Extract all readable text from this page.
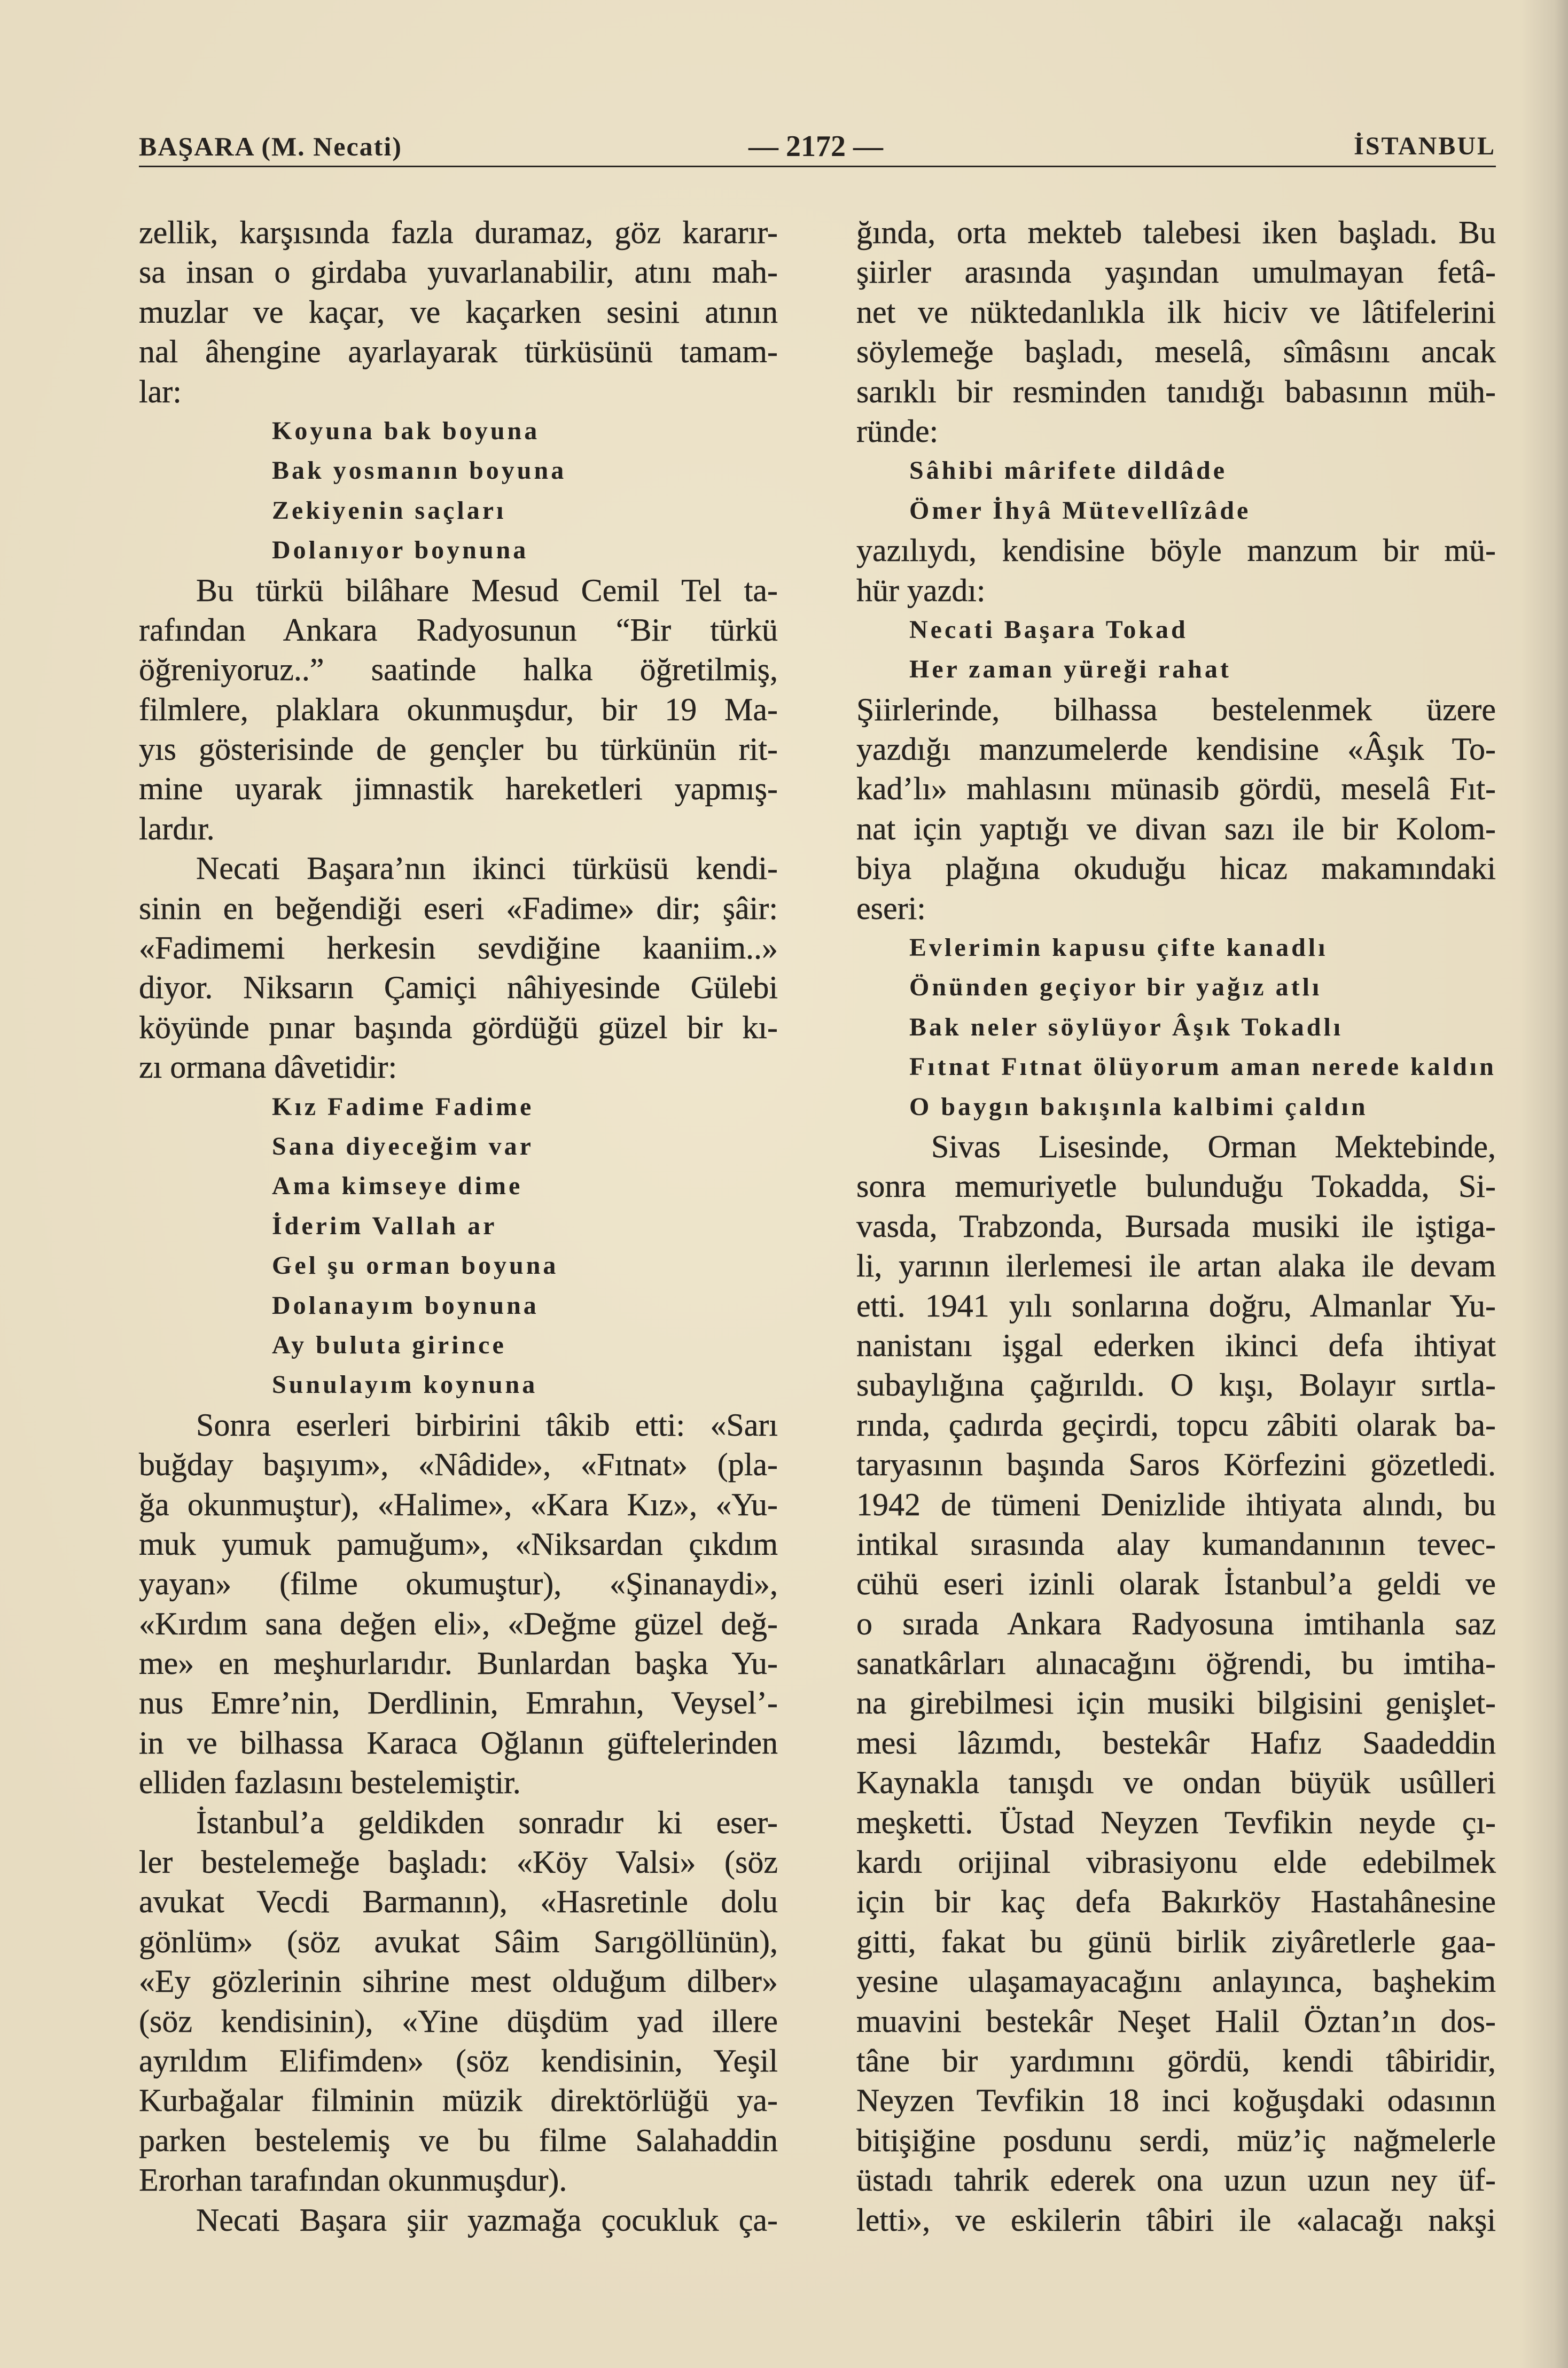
BAŞARA (M. Necati)	— 2172 —	İSTANBUL
zellik, karşısında fazla duramaz, göz kararır-
sa insan o girdaba yuvarlanabilir, atını mah-
muzlar ve kaçar, ve kaçarken sesini atının
nal âhengine ayarlayarak türküsünü tamam-
lar:
Koyuna bak boyuna
Bak yosmanın boyuna
Zekiyenin saçları
Dolanıyor boynuna
Bu türkü bilâhare Mesud Cemil Tel ta-
rafından Ankara Radyosunun “Bir türkü
öğreniyoruz..” saatinde halka öğretilmiş,
filmlere, plaklara okunmuşdur, bir 19 Ma-
yıs gösterisinde de gençler bu türkünün rit-
mine uyarak jimnastik hareketleri yapmış-
lardır.
Necati Başara’nın ikinci türküsü kendi-
sinin en beğendiği eseri «Fadime» dir; şâir:
«Fadimemi herkesin sevdiğine kaaniim..»
diyor. Niksarın Çamiçi nâhiyesinde Gülebi
köyünde pınar başında gördüğü güzel bir kı-
zı ormana dâvetidir:
Kız Fadime Fadime
Sana diyeceğim var
Ama kimseye dime
İderim Vallah ar
Gel şu orman boyuna
Dolanayım boynuna
Ay buluta girince
Sunulayım koynuna
Sonra eserleri birbirini tâkib etti: «Sarı
buğday başıyım», «Nâdide», «Fıtnat» (pla-
ğa okunmuştur), «Halime», «Kara Kız», «Yu-
muk yumuk pamuğum», «Niksardan çıkdım
yayan» (filme okumuştur), «Şinanaydi»,
«Kırdım sana değen eli», «Değme güzel değ-
me» en meşhurlarıdır. Bunlardan başka Yu-
nus Emre’nin, Derdlinin, Emrahın, Veysel’-
in ve bilhassa Karaca Oğlanın güftelerinden
elliden fazlasını bestelemiştir.
İstanbul’a geldikden sonradır ki eser-
ler bestelemeğe başladı: «Köy Valsi» (söz
avukat Vecdi Barmanın), «Hasretinle dolu
gönlüm» (söz avukat Sâim Sarıgöllünün),
«Ey gözlerinin sihrine mest olduğum dilber»
(söz kendisinin), «Yine düşdüm yad illere
ayrıldım Elifimden» (söz kendisinin, Yeşil
Kurbağalar filminin müzik direktörlüğü ya-
parken bestelemiş ve bu filme Salahaddin
Erorhan tarafından okunmuşdur).
Necati Başara şiir yazmağa çocukluk ça-
ğında, orta mekteb talebesi iken başladı. Bu
şiirler arasında yaşından umulmayan fetâ-
net ve nüktedanlıkla ilk hiciv ve lâtifelerini
söylemeğe başladı, meselâ, sîmâsını ancak
sarıklı bir resminden tanıdığı babasının müh-
ründe:
Sâhibi mârifete dildâde
Ömer İhyâ Mütevellîzâde
yazılıydı, kendisine böyle manzum bir mü-
hür yazdı:
Necati Başara Tokad
Her zaman yüreği rahat
Şiirlerinde, bilhassa bestelenmek üzere
yazdığı manzumelerde kendisine «Âşık To-
kad’lı» mahlasını münasib gördü, meselâ Fıt-
nat için yaptığı ve divan sazı ile bir Kolom-
biya plağına okuduğu hicaz makamındaki
eseri:
Evlerimin kapusu çifte kanadlı
Önünden geçiyor bir yağız atlı
Bak neler söylüyor Âşık Tokadlı
Fıtnat Fıtnat ölüyorum aman nerede kaldın
O baygın bakışınla kalbimi çaldın
Sivas Lisesinde, Orman Mektebinde,
sonra memuriyetle bulunduğu Tokadda, Si-
vasda, Trabzonda, Bursada musiki ile iştiga-
li, yarının ilerlemesi ile artan alaka ile devam
etti. 1941 yılı sonlarına doğru, Almanlar Yu-
nanistanı işgal ederken ikinci defa ihtiyat
subaylığına çağırıldı. O kışı, Bolayır sırtla-
rında, çadırda geçirdi, topcu zâbiti olarak ba-
taryasının başında Saros Körfezini gözetledi.
1942 de tümeni Denizlide ihtiyata alındı, bu
intikal sırasında alay kumandanının tevec-
cühü eseri izinli olarak İstanbul’a geldi ve
o sırada Ankara Radyosuna imtihanla saz
sanatkârları alınacağını öğrendi, bu imtiha-
na girebilmesi için musiki bilgisini genişlet-
mesi lâzımdı, bestekâr Hafız Saadeddin
Kaynakla tanışdı ve ondan büyük usûlleri
meşketti. Üstad Neyzen Tevfikin neyde çı-
kardı orijinal vibrasiyonu elde edebilmek
için bir kaç defa Bakırköy Hastahânesine
gitti, fakat bu günü birlik ziyâretlerle gaa-
yesine ulaşamayacağını anlayınca, başhekim
muavini bestekâr Neşet Halil Öztan’ın dos-
tâne bir yardımını gördü, kendi tâbiridir,
Neyzen Tevfikin 18 inci koğuşdaki odasının
bitişiğine posdunu serdi, müz’iç nağmelerle
üstadı tahrik ederek ona uzun uzun ney üf-
letti», ve eskilerin tâbiri ile «alacağı nakşi
